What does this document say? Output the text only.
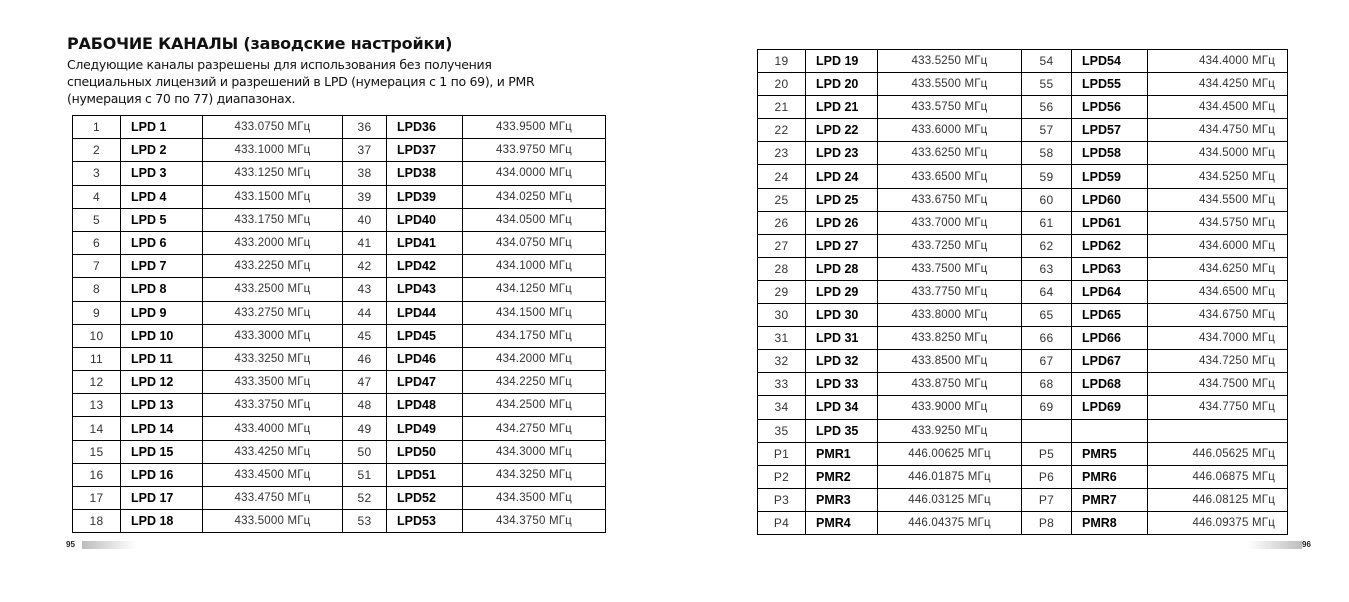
РАБОЧИЕ КАНАЛЫ (заводские настройки)
Следующие каналы разрешены для использования без получения
специальных лицензий и разрешений в LPD (нумерация с 1 по 69), и PMR
(нумерация с 70 по 77) диапазонах.
1	LPD 1	433.0750 МГц	36	LPD36	433.9500 МГц
2	LPD 2	433.1000 МГц	37	LPD37	433.9750 МГц
3	LPD 3	433.1250 МГц	38	LPD38	434.0000 МГц
4	LPD 4	433.1500 МГц	39	LPD39	434.0250 МГц
5	LPD 5	433.1750 МГц	40	LPD40	434.0500 МГц
6	LPD 6	433.2000 МГц	41	LPD41	434.0750 МГц
7	LPD 7	433.2250 МГц	42	LPD42	434.1000 МГц
8	LPD 8	433.2500 МГц	43	LPD43	434.1250 МГц
9	LPD 9	433.2750 МГц	44	LPD44	434.1500 МГц
10	LPD 10	433.3000 МГц	45	LPD45	434.1750 МГц
11	LPD 11	433.3250 МГц	46	LPD46	434.2000 МГц
12	LPD 12	433.3500 МГц	47	LPD47	434.2250 МГц
13	LPD 13	433.3750 МГц	48	LPD48	434.2500 МГц
14	LPD 14	433.4000 МГц	49	LPD49	434.2750 МГц
15	LPD 15	433.4250 МГц	50	LPD50	434.3000 МГц
16	LPD 16	433.4500 МГц	51	LPD51	434.3250 МГц
17	LPD 17	433.4750 МГц	52	LPD52	434.3500 МГц
18	LPD 18	433.5000 МГц	53	LPD53	434.3750 МГц
95
19	LPD 19	433.5250 МГц	54	LPD54	434.4000 МГц
20	LPD 20	433.5500 МГц	55	LPD55	434.4250 МГц
21	LPD 21	433.5750 МГц	56	LPD56	434.4500 МГц
22	LPD 22	433.6000 МГц	57	LPD57	434.4750 МГц
23	LPD 23	433.6250 МГц	58	LPD58	434.5000 МГц
24	LPD 24	433.6500 МГц	59	LPD59	434.5250 МГц
25	LPD 25	433.6750 МГц	60	LPD60	434.5500 МГц
26	LPD 26	433.7000 МГц	61	LPD61	434.5750 МГц
27	LPD 27	433.7250 МГц	62	LPD62	434.6000 МГц
28	LPD 28	433.7500 МГц	63	LPD63	434.6250 МГц
29	LPD 29	433.7750 МГц	64	LPD64	434.6500 МГц
30	LPD 30	433.8000 МГц	65	LPD65	434.6750 МГц
31	LPD 31	433.8250 МГц	66	LPD66	434.7000 МГц
32	LPD 32	433.8500 МГц	67	LPD67	434.7250 МГц
33	LPD 33	433.8750 МГц	68	LPD68	434.7500 МГц
34	LPD 34	433.9000 МГц	69	LPD69	434.7750 МГц
35	LPD 35	433.9250 МГц			
P1	PMR1	446.00625 МГц	P5	PMR5	446.05625 МГц
P2	PMR2	446.01875 МГц	P6	PMR6	446.06875 МГц
P3	PMR3	446.03125 МГц	P7	PMR7	446.08125 МГц
P4	PMR4	446.04375 МГц	P8	PMR8	446.09375 МГц
96
